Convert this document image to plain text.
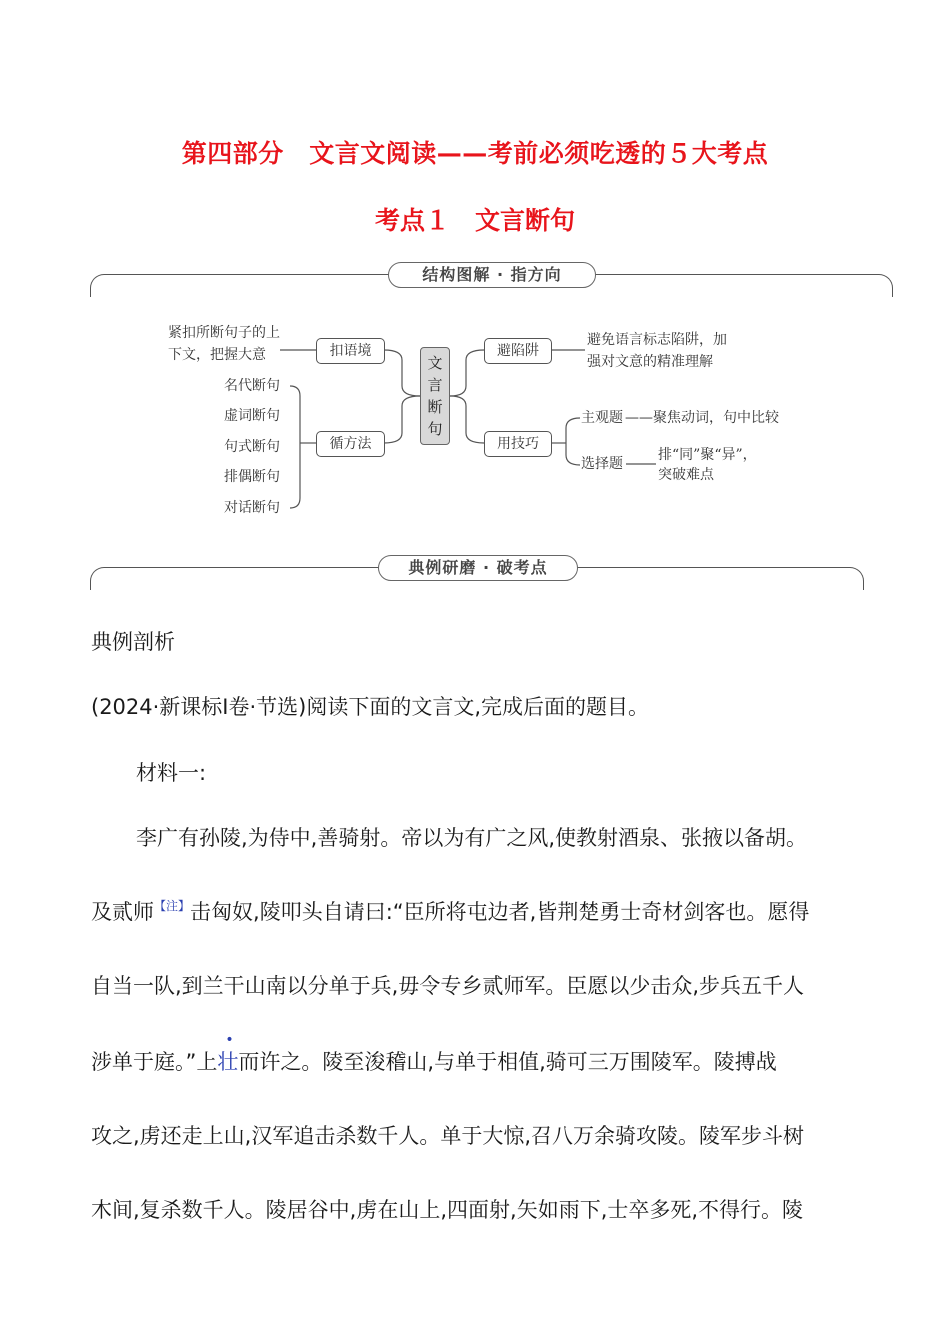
第四部分　文言文阅读——考前必须吃透的５大考点
考点１　文言断句
结构图解 · 指方向
紧扣所断句子的上
下文，把握大意	扣语境
名代断句
虚词断句
句式断句
排偶断句
对话断句
循方法
文
言
断
句
避陷阱
避免语言标志陷阱，加
强对文意的精准理解
用技巧
主观题 ——聚焦动词，句中比较
选择题
排“同”聚“异”，
突破难点
典例研磨 · 破考点
典例剖析
(2024·新课标Ⅰ卷·节选)阅读下面的文言文,完成后面的题目。
材料一:
李广有孙陵,为侍中,善骑射。帝以为有广之风,使教射酒泉、张掖以备胡。
及贰师$^{【注】}$击匈奴,陵叩头自请曰:“臣所将屯边者,皆荆楚勇士奇材剑客也。愿得
自当一队,到兰干山南以分单于兵,毋令专乡贰师军。臣愿以少击众,步兵五千人
涉单于庭。”上
•
壮而许之。陵至浚稽山,与单于相值,骑可三万围陵军。陵搏战
攻之,虏还走上山,汉军追击杀数千人。单于大惊,召八万余骑攻陵。陵军步斗树
木间,复杀数千人。陵居谷中,虏在山上,四面射,矢如雨下,士卒多死,不得行。陵
